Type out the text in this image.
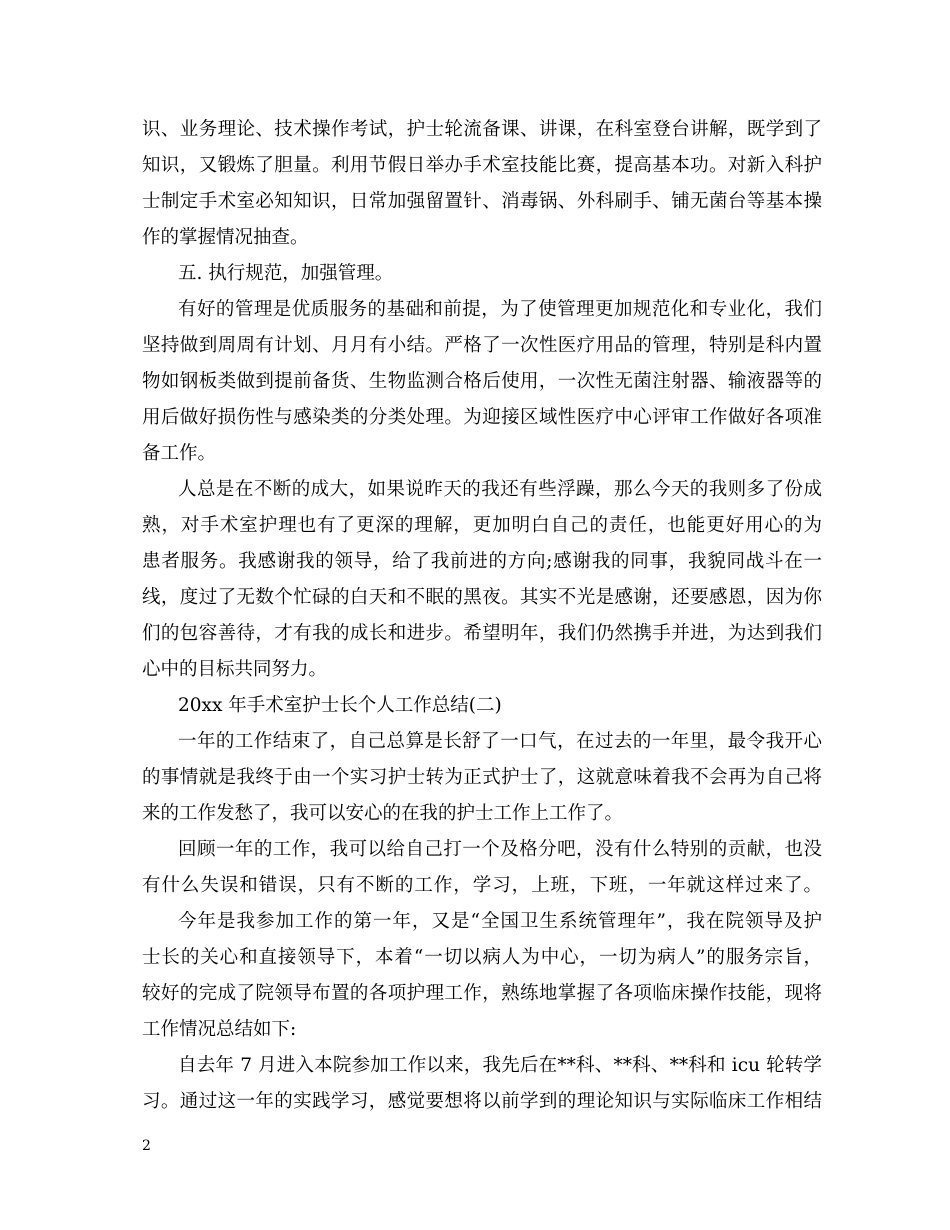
识、业务理论、技术操作考试，护士轮流备课、讲课，在科室登台讲解，既学到了
知识，又锻炼了胆量。利用节假日举办手术室技能比赛，提高基本功。对新入科护
士制定手术室必知知识，日常加强留置针、消毒锅、外科刷手、铺无菌台等基本操
作的掌握情况抽查。
五. 执行规范，加强管理。
有好的管理是优质服务的基础和前提，为了使管理更加规范化和专业化，我们
坚持做到周周有计划、月月有小结。严格了一次性医疗用品的管理，特别是科内置
物如钢板类做到提前备货、生物监测合格后使用，一次性无菌注射器、输液器等的
用后做好损伤性与感染类的分类处理。为迎接区域性医疗中心评审工作做好各项准
备工作。
人总是在不断的成大，如果说昨天的我还有些浮躁，那么今天的我则多了份成
熟，对手术室护理也有了更深的理解，更加明白自己的责任，也能更好用心的为
患者服务。我感谢我的领导，给了我前进的方向;感谢我的同事，我貌同战斗在一
线，度过了无数个忙碌的白天和不眠的黑夜。其实不光是感谢，还要感恩，因为你
们的包容善待，才有我的成长和进步。希望明年，我们仍然携手并进，为达到我们
心中的目标共同努力。
20xx 年手术室护士长个人工作总结(二)
一年的工作结束了，自己总算是长舒了一口气，在过去的一年里，最令我开心
的事情就是我终于由一个实习护士转为正式护士了，这就意味着我不会再为自己将
来的工作发愁了，我可以安心的在我的护士工作上工作了。
回顾一年的工作，我可以给自己打一个及格分吧，没有什么特别的贡献，也没
有什么失误和错误，只有不断的工作，学习，上班，下班，一年就这样过来了。
今年是我参加工作的第一年，又是“全国卫生系统管理年”，我在院领导及护
士长的关心和直接领导下，本着“一切以病人为中心，一切为病人”的服务宗旨，
较好的完成了院领导布置的各项护理工作，熟练地掌握了各项临床操作技能，现将
工作情况总结如下:
自去年 7 月进入本院参加工作以来，我先后在**科、**科、**科和 icu 轮转学
习。通过这一年的实践学习，感觉要想将以前学到的理论知识与实际临床工作相结
2
